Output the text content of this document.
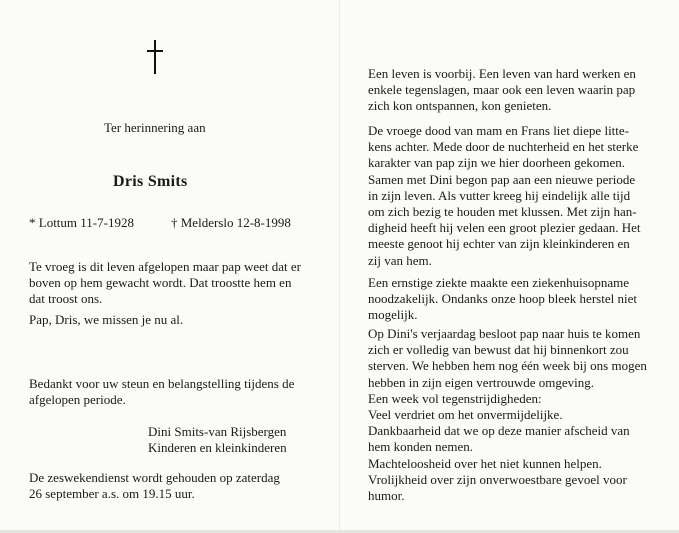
Ter herinnering aan
Dris Smits
* Lottum 11-7-1928	† Melderslo 12-8-1998
Te vroeg is dit leven afgelopen maar pap weet dat er
boven op hem gewacht wordt. Dat troostte hem en
dat troost ons.
Pap, Dris, we missen je nu al.
Bedankt voor uw steun en belangstelling tijdens de
afgelopen periode.
Dini Smits-van Rijsbergen
Kinderen en kleinkinderen
De zeswekendienst wordt gehouden op zaterdag
26 september a.s. om 19.15 uur.
Een leven is voorbij. Een leven van hard werken en
enkele tegenslagen, maar ook een leven waarin pap
zich kon ontspannen, kon genieten.
De vroege dood van mam en Frans liet diepe litte-
kens achter. Mede door de nuchterheid en het sterke
karakter van pap zijn we hier doorheen gekomen.
Samen met Dini begon pap aan een nieuwe periode
in zijn leven. Als vutter kreeg hij eindelijk alle tijd
om zich bezig te houden met klussen. Met zijn han-
digheid heeft hij velen een groot plezier gedaan. Het
meeste genoot hij echter van zijn kleinkinderen en
zij van hem.
Een ernstige ziekte maakte een ziekenhuisopname
noodzakelijk. Ondanks onze hoop bleek herstel niet
mogelijk.
Op Dini's verjaardag besloot pap naar huis te komen
zich er volledig van bewust dat hij binnenkort zou
sterven. We hebben hem nog één week bij ons mogen
hebben in zijn eigen vertrouwde omgeving.
Een week vol tegenstrijdigheden:
Veel verdriet om het onvermijdelijke.
Dankbaarheid dat we op deze manier afscheid van
hem konden nemen.
Machteloosheid over het niet kunnen helpen.
Vrolijkheid over zijn onverwoestbare gevoel voor
humor.
